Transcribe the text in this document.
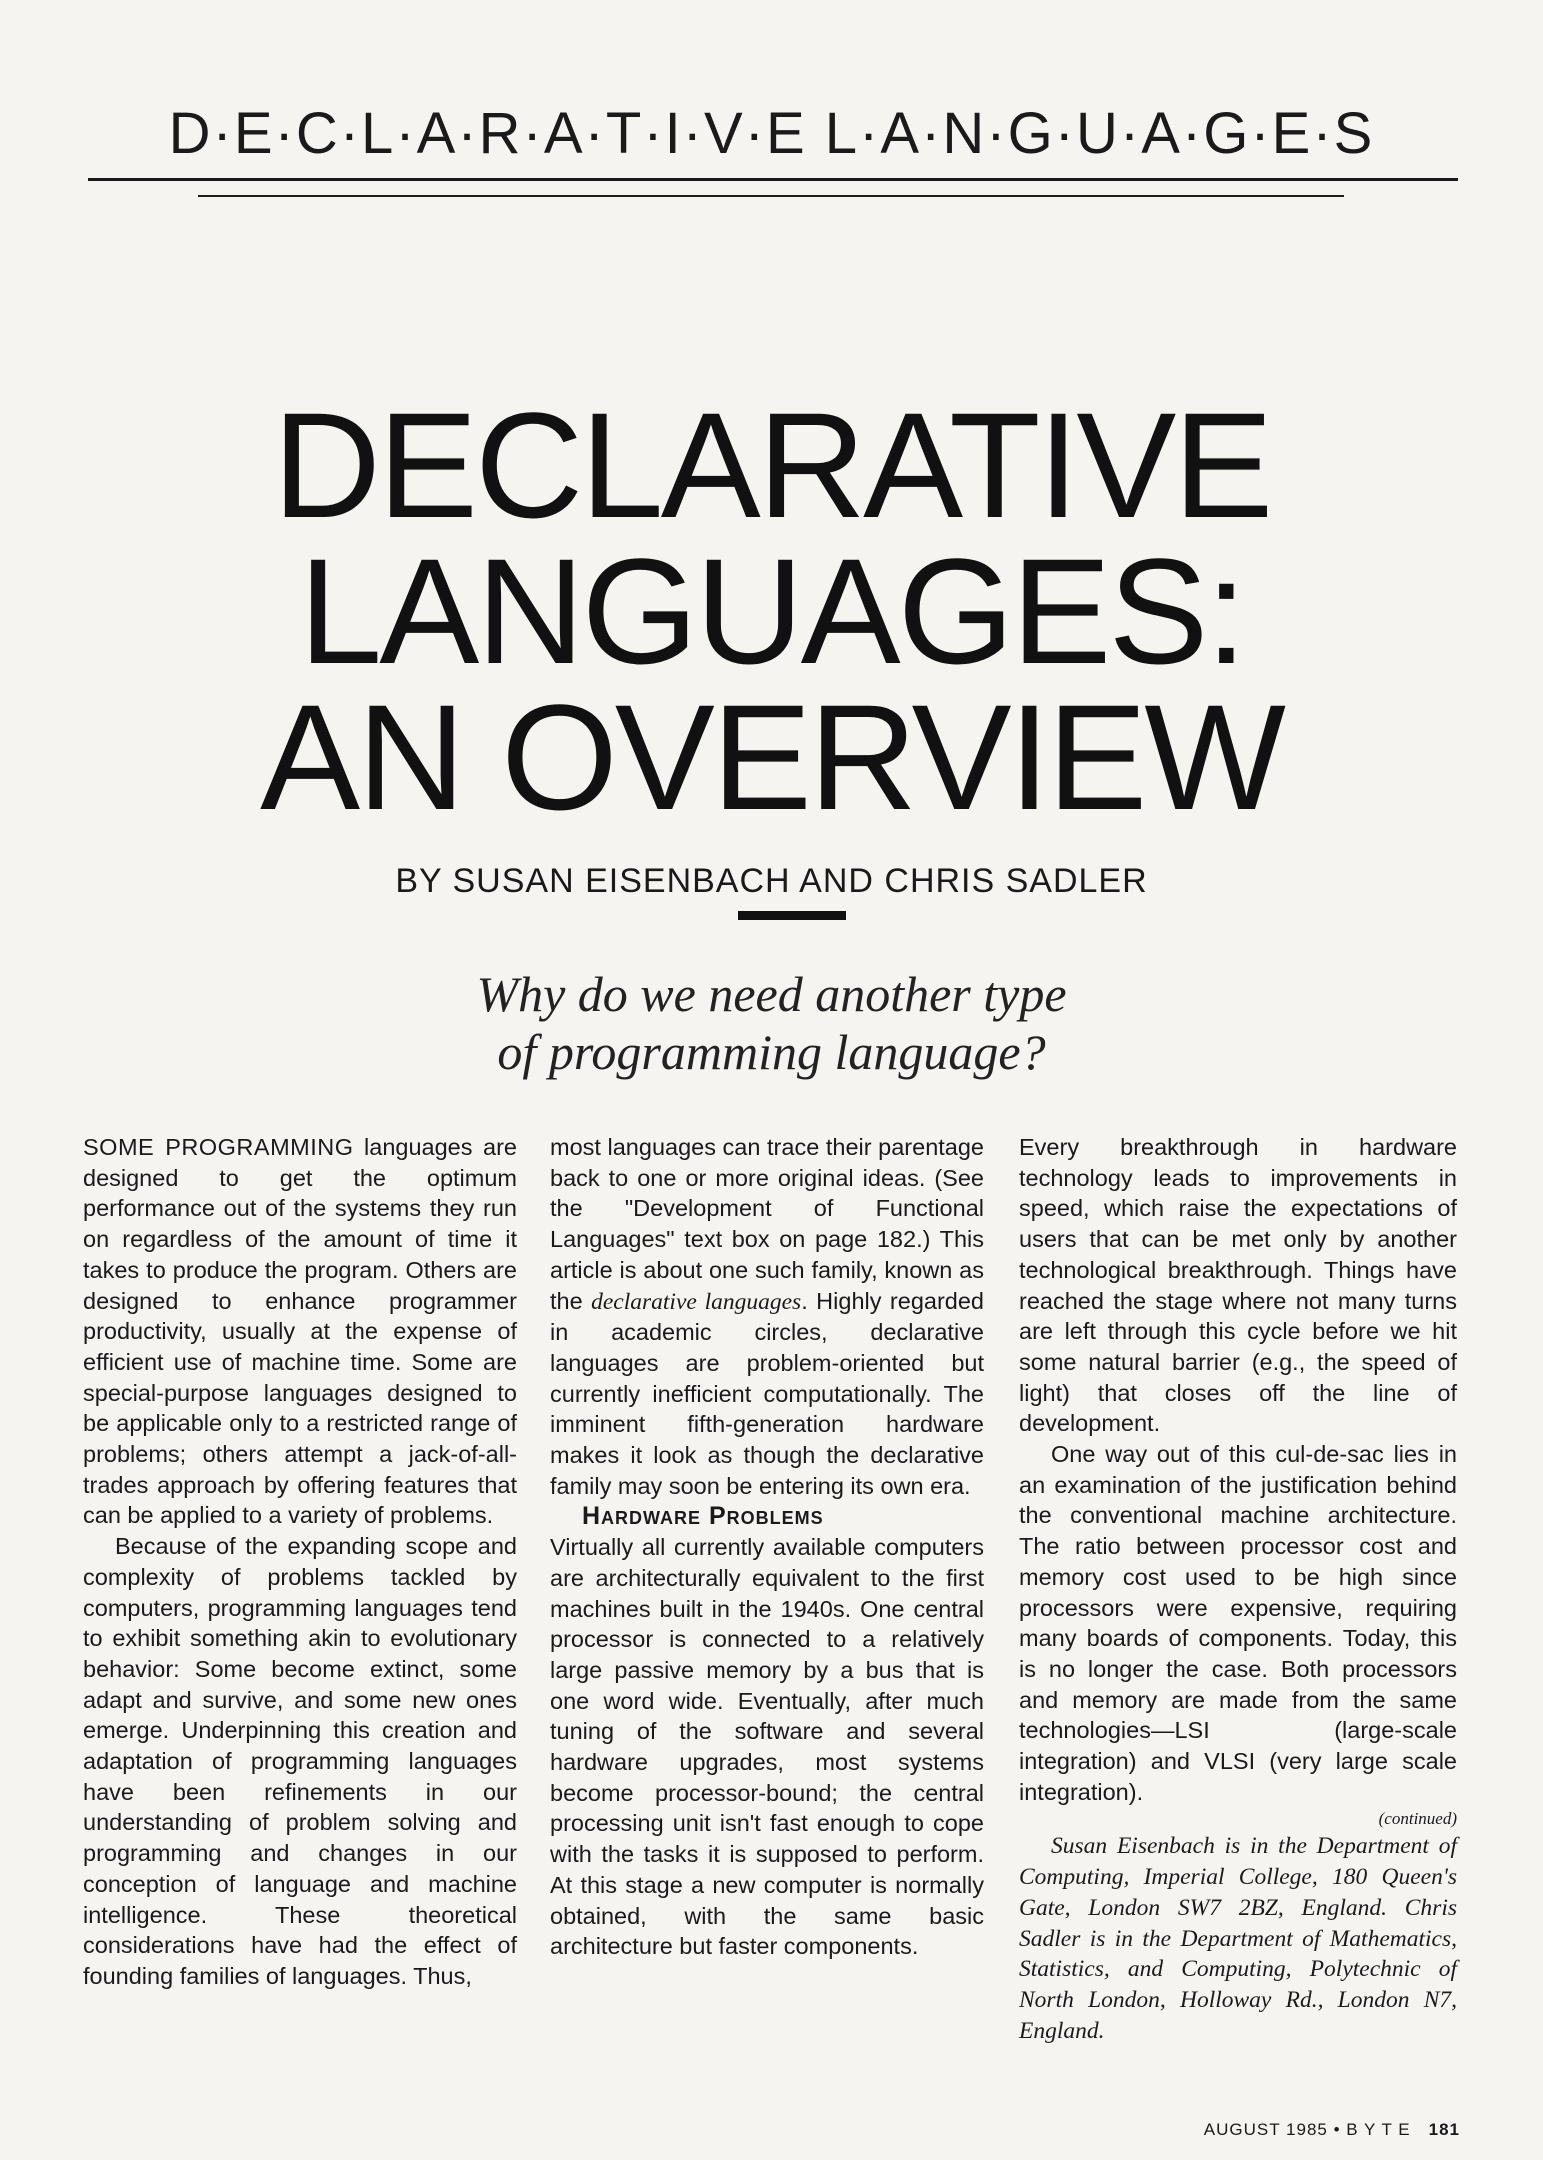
D·E·C·L·A·R·A·T·I·V·E L·A·N·G·U·A·G·E·S
DECLARATIVE
LANGUAGES:
AN OVERVIEW
BY SUSAN EISENBACH AND CHRIS SADLER
Why do we need another type
of programming language?

SOME PROGRAMMING languages are designed to get the optimum performance out of the systems they run on regardless of the amount of time it takes to produce the program. Others are designed to enhance programmer productivity, usually at the expense of efficient use of machine time. Some are special-purpose languages designed to be applicable only to a restricted range of problems; others attempt a jack-of-all-trades approach by offering features that can be applied to a variety of problems.

Because of the expanding scope and complexity of problems tackled by computers, programming languages tend to exhibit something akin to evolutionary behavior: Some become extinct, some adapt and survive, and some new ones emerge. Underpinning this creation and adaptation of programming languages have been refinements in our understanding of problem solving and programming and changes in our conception of language and machine intelligence. These theoretical considerations have had the effect of founding families of languages. Thus,

most languages can trace their parentage back to one or more original ideas. (See the "Development of Functional Languages" text box on page 182.) This article is about one such family, known as the declarative languages. Highly regarded in academic circles, declarative languages are problem-oriented but currently inefficient computationally. The imminent fifth-generation hardware makes it look as though the declarative family may soon be entering its own era.

Hardware Problems

Virtually all currently available computers are architecturally equivalent to the first machines built in the 1940s. One central processor is connected to a relatively large passive memory by a bus that is one word wide. Eventually, after much tuning of the software and several hardware upgrades, most systems become processor-bound; the central processing unit isn't fast enough to cope with the tasks it is supposed to perform. At this stage a new computer is normally obtained, with the same basic architecture but faster components.

Every breakthrough in hardware technology leads to improvements in speed, which raise the expectations of users that can be met only by another technological breakthrough. Things have reached the stage where not many turns are left through this cycle before we hit some natural barrier (e.g., the speed of light) that closes off the line of development.

One way out of this cul-de-sac lies in an examination of the justification behind the conventional machine architecture. The ratio between processor cost and memory cost used to be high since processors were expensive, requiring many boards of components. Today, this is no longer the case. Both processors and memory are made from the same technologies—LSI (large-scale integration) and VLSI (very large scale integration).

(continued)

Susan Eisenbach is in the Department of Computing, Imperial College, 180 Queen's Gate, London SW7 2BZ, England. Chris Sadler is in the Department of Mathematics, Statistics, and Computing, Polytechnic of North London, Holloway Rd., London N7, England.

AUGUST 1985 • B Y T E 181
